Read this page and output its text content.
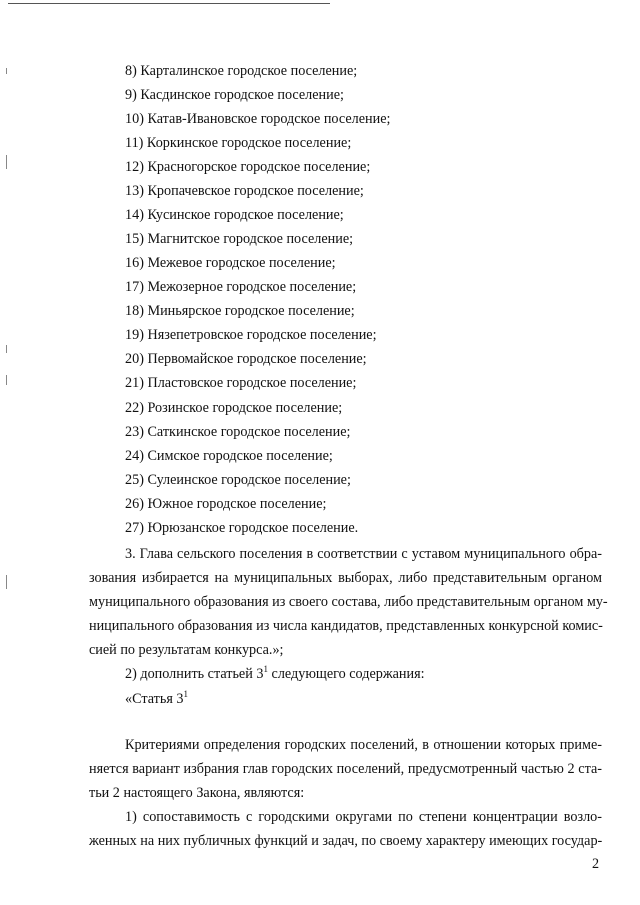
8) Карталинское городское поселение;
9) Касдинское городское поселение;
10) Катав-Ивановское городское поселение;
11) Коркинское городское поселение;
12) Красногорское городское поселение;
13) Кропачевское городское поселение;
14) Кусинское городское поселение;
15) Магнитское городское поселение;
16) Межевое городское поселение;
17) Межозерное городское поселение;
18) Миньярское городское поселение;
19) Нязепетровское городское поселение;
20) Первомайское городское поселение;
21) Пластовское городское поселение;
22) Розинское городское поселение;
23) Саткинское городское поселение;
24) Симское городское поселение;
25) Сулеинское городское поселение;
26) Южное городское поселение;
27) Юрюзанское городское поселение.
3. Глава сельского поселения в соответствии с уставом муниципального обра-
зования избирается на муниципальных выборах, либо представительным органом
муниципального образования из своего состава, либо представительным органом му-
ниципального образования из числа кандидатов, представленных конкурсной комис-
сией по результатам конкурса.»;
2) дополнить статьей $3^1$ следующего содержания:
«Статья $3^1$
Критериями определения городских поселений, в отношении которых приме-
няется вариант избрания глав городских поселений, предусмотренный частью 2 ста-
тьи 2 настоящего Закона, являются:
1) сопоставимость с городскими округами по степени концентрации возло-
женных на них публичных функций и задач, по своему характеру имеющих государ-
2
